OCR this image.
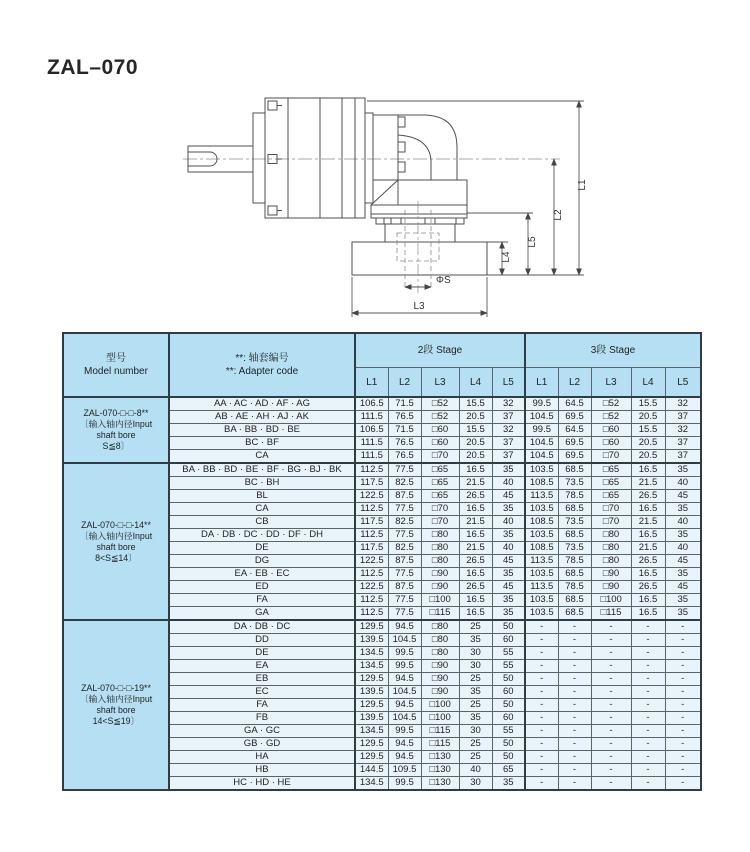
ZAL–070
L1
L2
L5
L4
L3
ΦS
型号
Model number

**: 轴套编号
**: Adapter code
	2段 Stage	3段 Stage
		L1	L2	L3	L4	L5	L1	L2	L3	L4	L5

ZAL-070-□-□-8**
〔输入轴内径Input
shaft bore
S≦8〕	AA · AC · AD · AF · AG	106.5	71.5	□52	15.5	32	99.5	64.5	□52	15.5	32
	AB · AE · AH · AJ · AK	111.5	76.5	□52	20.5	37	104.5	69.5	□52	20.5	37
	BA · BB · BD · BE	106.5	71.5	□60	15.5	32	99.5	64.5	□60	15.5	32
	BC · BF	111.5	76.5	□60	20.5	37	104.5	69.5	□60	20.5	37
	CA	111.5	76.5	□70	20.5	37	104.5	69.5	□70	20.5	37

ZAL-070-□-□-14**
〔输入轴内径Input
shaft bore
8<S≦14〕	BA · BB · BD · BE · BF · BG · BJ · BK	112.5	77.5	□65	16.5	35	103.5	68.5	□65	16.5	35
	BC · BH	117.5	82.5	□65	21.5	40	108.5	73.5	□65	21.5	40
	BL	122.5	87.5	□65	26.5	45	113.5	78.5	□65	26.5	45
	CA	112.5	77.5	□70	16.5	35	103.5	68.5	□70	16.5	35
	CB	117.5	82.5	□70	21.5	40	108.5	73.5	□70	21.5	40
	DA · DB · DC · DD · DF · DH	112.5	77.5	□80	16.5	35	103.5	68.5	□80	16.5	35
	DE	117.5	82.5	□80	21.5	40	108.5	73.5	□80	21.5	40
	DG	122.5	87.5	□80	26.5	45	113.5	78.5	□80	26.5	45
	EA · EB · EC	112.5	77.5	□90	16.5	35	103.5	68.5	□90	16.5	35
	ED	122.5	87.5	□90	26.5	45	113.5	78.5	□90	26.5	45
	FA	112.5	77.5	□100	16.5	35	103.5	68.5	□100	16.5	35
	GA	112.5	77.5	□115	16.5	35	103.5	68.5	□115	16.5	35

ZAL-070-□-□-19**
〔输入轴内径Input
shaft bore
14<S≦19〕	DA · DB · DC	129.5	94.5	□80	25	50	-	-	-	-	-
	DD	139.5	104.5	□80	35	60	-	-	-	-	-
	DE	134.5	99.5	□80	30	55	-	-	-	-	-
	EA	134.5	99.5	□90	30	55	-	-	-	-	-
	EB	129.5	94.5	□90	25	50	-	-	-	-	-
	EC	139.5	104.5	□90	35	60	-	-	-	-	-
	FA	129.5	94.5	□100	25	50	-	-	-	-	-
	FB	139.5	104.5	□100	35	60	-	-	-	-	-
	GA · GC	134.5	99.5	□115	30	55	-	-	-	-	-
	GB · GD	129.5	94.5	□115	25	50	-	-	-	-	-
	HA	129.5	94.5	□130	25	50	-	-	-	-	-
	HB	144.5	109.5	□130	40	65	-	-	-	-	-
	HC · HD · HE	134.5	99.5	□130	30	35	-	-	-	-	-
